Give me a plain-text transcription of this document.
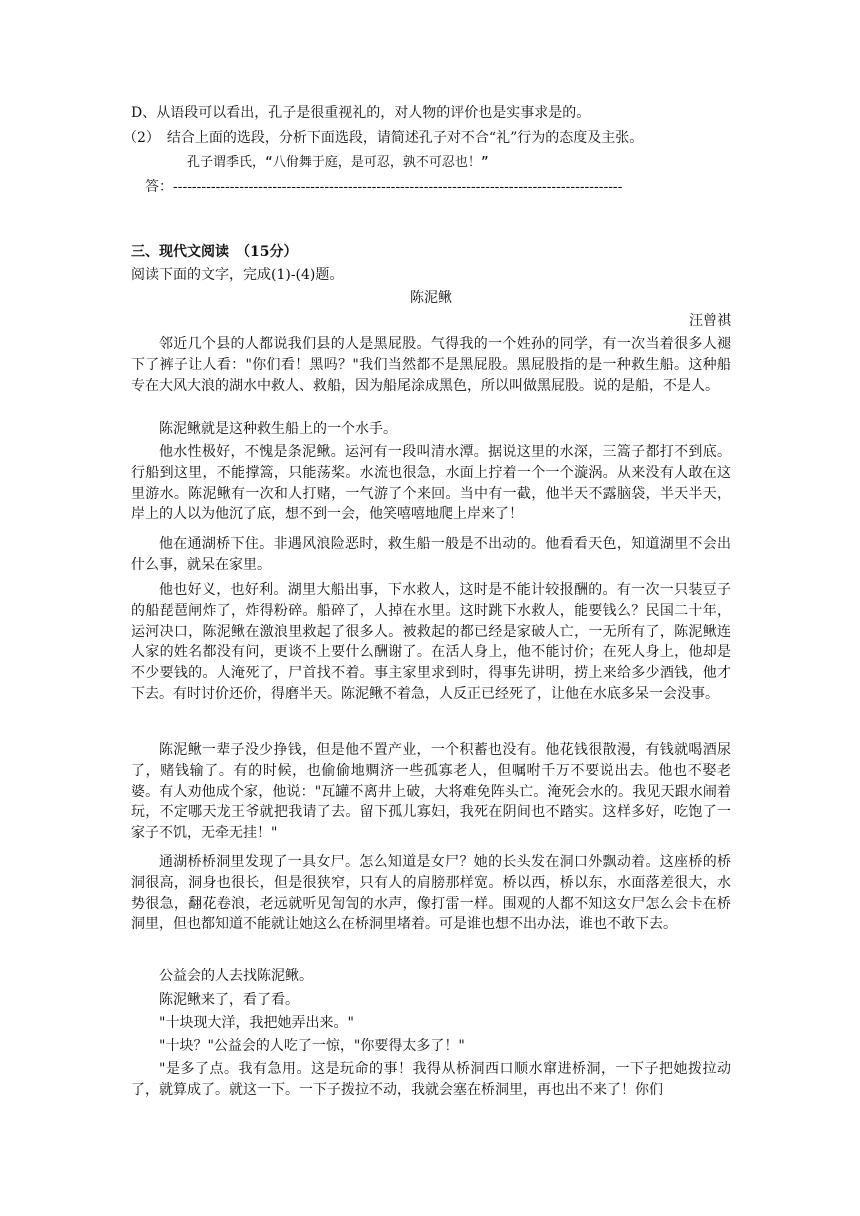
D、从语段可以看出，孔子是很重视礼的，对人物的评价也是实事求是的。
（2）　结合上面的选段，分析下面选段，请简述孔子对不合“礼”行为的态度及主张。
孔子谓季氏，“八佾舞于庭，是可忍，孰不可忍也！”
答：-----------------------------------------------------------------------------------------------
三、现代文阅读　（15分）
阅读下面的文字，完成(1)-(4)题。
陈泥鳅
汪曾祺
邻近几个县的人都说我们县的人是黑屁股。气得我的一个姓孙的同学，有一次当着很多人褪下了裤子让人看："你们看！黑吗？"我们当然都不是黑屁股。黑屁股指的是一种救生船。这种船专在大风大浪的湖水中救人、救船，因为船尾涂成黑色，所以叫做黑屁股。说的是船，不是人。
陈泥鳅就是这种救生船上的一个水手。
他水性极好，不愧是条泥鳅。运河有一段叫清水潭。据说这里的水深，三篙子都打不到底。行船到这里，不能撑篙，只能荡桨。水流也很急，水面上拧着一个一个漩涡。从来没有人敢在这里游水。陈泥鳅有一次和人打赌，一气游了个来回。当中有一截，他半天不露脑袋，半天半天，岸上的人以为他沉了底，想不到一会，他笑嘻嘻地爬上岸来了！
他在通湖桥下住。非遇风浪险恶时，救生船一般是不出动的。他看看天色，知道湖里不会出什么事，就呆在家里。
他也好义，也好利。湖里大船出事，下水救人，这时是不能计较报酬的。有一次一只装豆子的船琵琶闸炸了，炸得粉碎。船碎了，人掉在水里。这时跳下水救人，能要钱么？民国二十年，运河决口，陈泥鳅在激浪里救起了很多人。被救起的都已经是家破人亡，一无所有了，陈泥鳅连人家的姓名都没有问，更谈不上要什么酬谢了。在活人身上，他不能讨价；在死人身上，他却是不少要钱的。人淹死了，尸首找不着。事主家里求到时，得事先讲明，捞上来给多少酒钱，他才下去。有时讨价还价，得磨半天。陈泥鳅不着急，人反正已经死了，让他在水底多呆一会没事。
陈泥鳅一辈子没少挣钱，但是他不置产业，一个积蓄也没有。他花钱很散漫，有钱就喝酒尿了，赌钱输了。有的时候，也偷偷地赒济一些孤寡老人，但嘱咐千万不要说出去。他也不娶老婆。有人劝他成个家，他说："瓦罐不离井上破，大将难免阵头亡。淹死会水的。我见天跟水闹着玩，不定哪天龙王爷就把我请了去。留下孤儿寡妇，我死在阴间也不踏实。这样多好，吃饱了一家子不饥，无牵无挂！"
通湖桥桥洞里发现了一具女尸。怎么知道是女尸？她的长头发在洞口外飘动着。这座桥的桥洞很高，洞身也很长，但是很狭窄，只有人的肩膀那样宽。桥以西，桥以东，水面落差很大，水势很急，翻花卷浪，老远就听见訇訇的水声，像打雷一样。围观的人都不知这女尸怎么会卡在桥洞里，但也都知道不能就让她这么在桥洞里堵着。可是谁也想不出办法，谁也不敢下去。
公益会的人去找陈泥鳅。
陈泥鳅来了，看了看。
"十块现大洋，我把她弄出来。"
"十块？"公益会的人吃了一惊，"你要得太多了！"
"是多了点。我有急用。这是玩命的事！我得从桥洞西口顺水窜进桥洞，一下子把她拨拉动了，就算成了。就这一下。一下子拨拉不动，我就会塞在桥洞里，再也出不来了！你们
